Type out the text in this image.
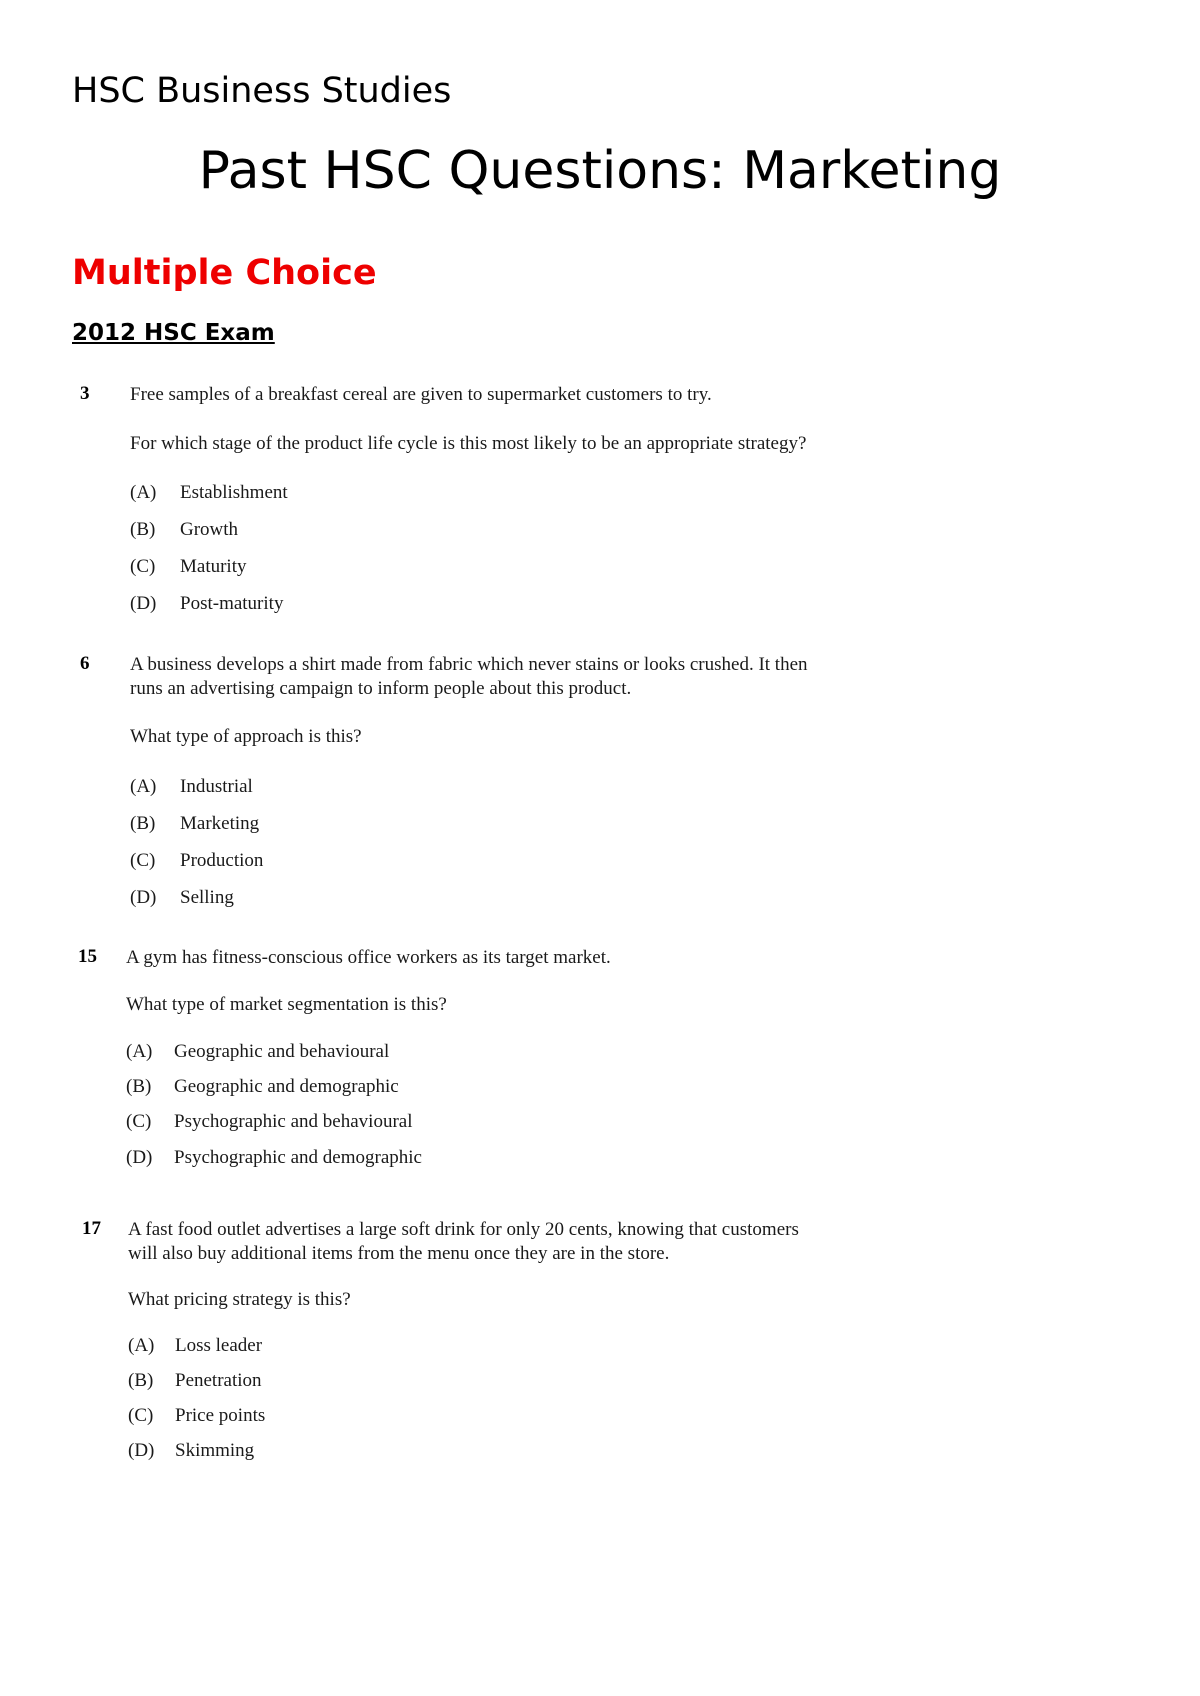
HSC Business Studies
Past HSC Questions: Marketing
Multiple Choice
2012 HSC Exam
3 Free samples of a breakfast cereal are given to supermarket customers to try.
For which stage of the product life cycle is this most likely to be an appropriate strategy?
(A) Establishment
(B) Growth
(C) Maturity
(D) Post-maturity
6 A business develops a shirt made from fabric which never stains or looks crushed. It then
runs an advertising campaign to inform people about this product.
What type of approach is this?
(A) Industrial
(B) Marketing
(C) Production
(D) Selling
15 A gym has fitness-conscious office workers as its target market.
What type of market segmentation is this?
(A) Geographic and behavioural
(B) Geographic and demographic
(C) Psychographic and behavioural
(D) Psychographic and demographic
17 A fast food outlet advertises a large soft drink for only 20 cents, knowing that customers
will also buy additional items from the menu once they are in the store.
What pricing strategy is this?
(A) Loss leader
(B) Penetration
(C) Price points
(D) Skimming
